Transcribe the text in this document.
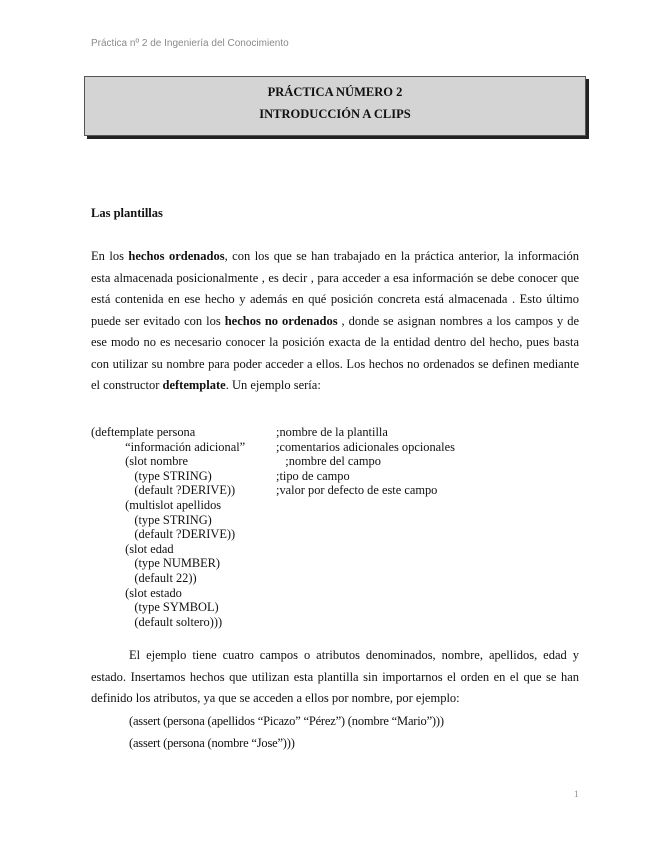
Práctica nº 2 de Ingeniería del Conocimiento
PRÁCTICA NÚMERO 2
INTRODUCCIÓN A CLIPS
Las plantillas
En los hechos ordenados, con los que se han trabajado en la práctica anterior, la información esta almacenada posicionalmente , es decir , para acceder a esa información se debe conocer que está contenida en ese hecho y además en qué posición concreta está almacenada . Esto último puede ser evitado con los hechos no ordenados , donde se asignan nombres a los campos y de ese modo no es necesario conocer la posición exacta de la entidad dentro del hecho, pues basta con utilizar su nombre para poder acceder a ellos. Los hechos no ordenados se definen mediante el constructor deftemplate. Un ejemplo sería:
(deftemplate persona
“información adicional”
(slot nombre
(type STRING)
(default ?DERIVE))
(multislot apellidos
(type STRING)
(default ?DERIVE))
(slot edad
(type NUMBER)
(default 22))
(slot estado
(type SYMBOL)
(default soltero)))
;nombre de la plantilla
;comentarios adicionales opcionales
;nombre del campo
;tipo de campo
;valor por defecto de este campo
El ejemplo tiene cuatro campos o atributos denominados, nombre, apellidos, edad y estado. Insertamos hechos que utilizan esta plantilla sin importarnos el orden en el que se han definido los atributos, ya que se acceden a ellos por nombre, por ejemplo:
(assert (persona (apellidos “Picazo” “Pérez”) (nombre “Mario”)))
(assert (persona (nombre “Jose”)))
1
